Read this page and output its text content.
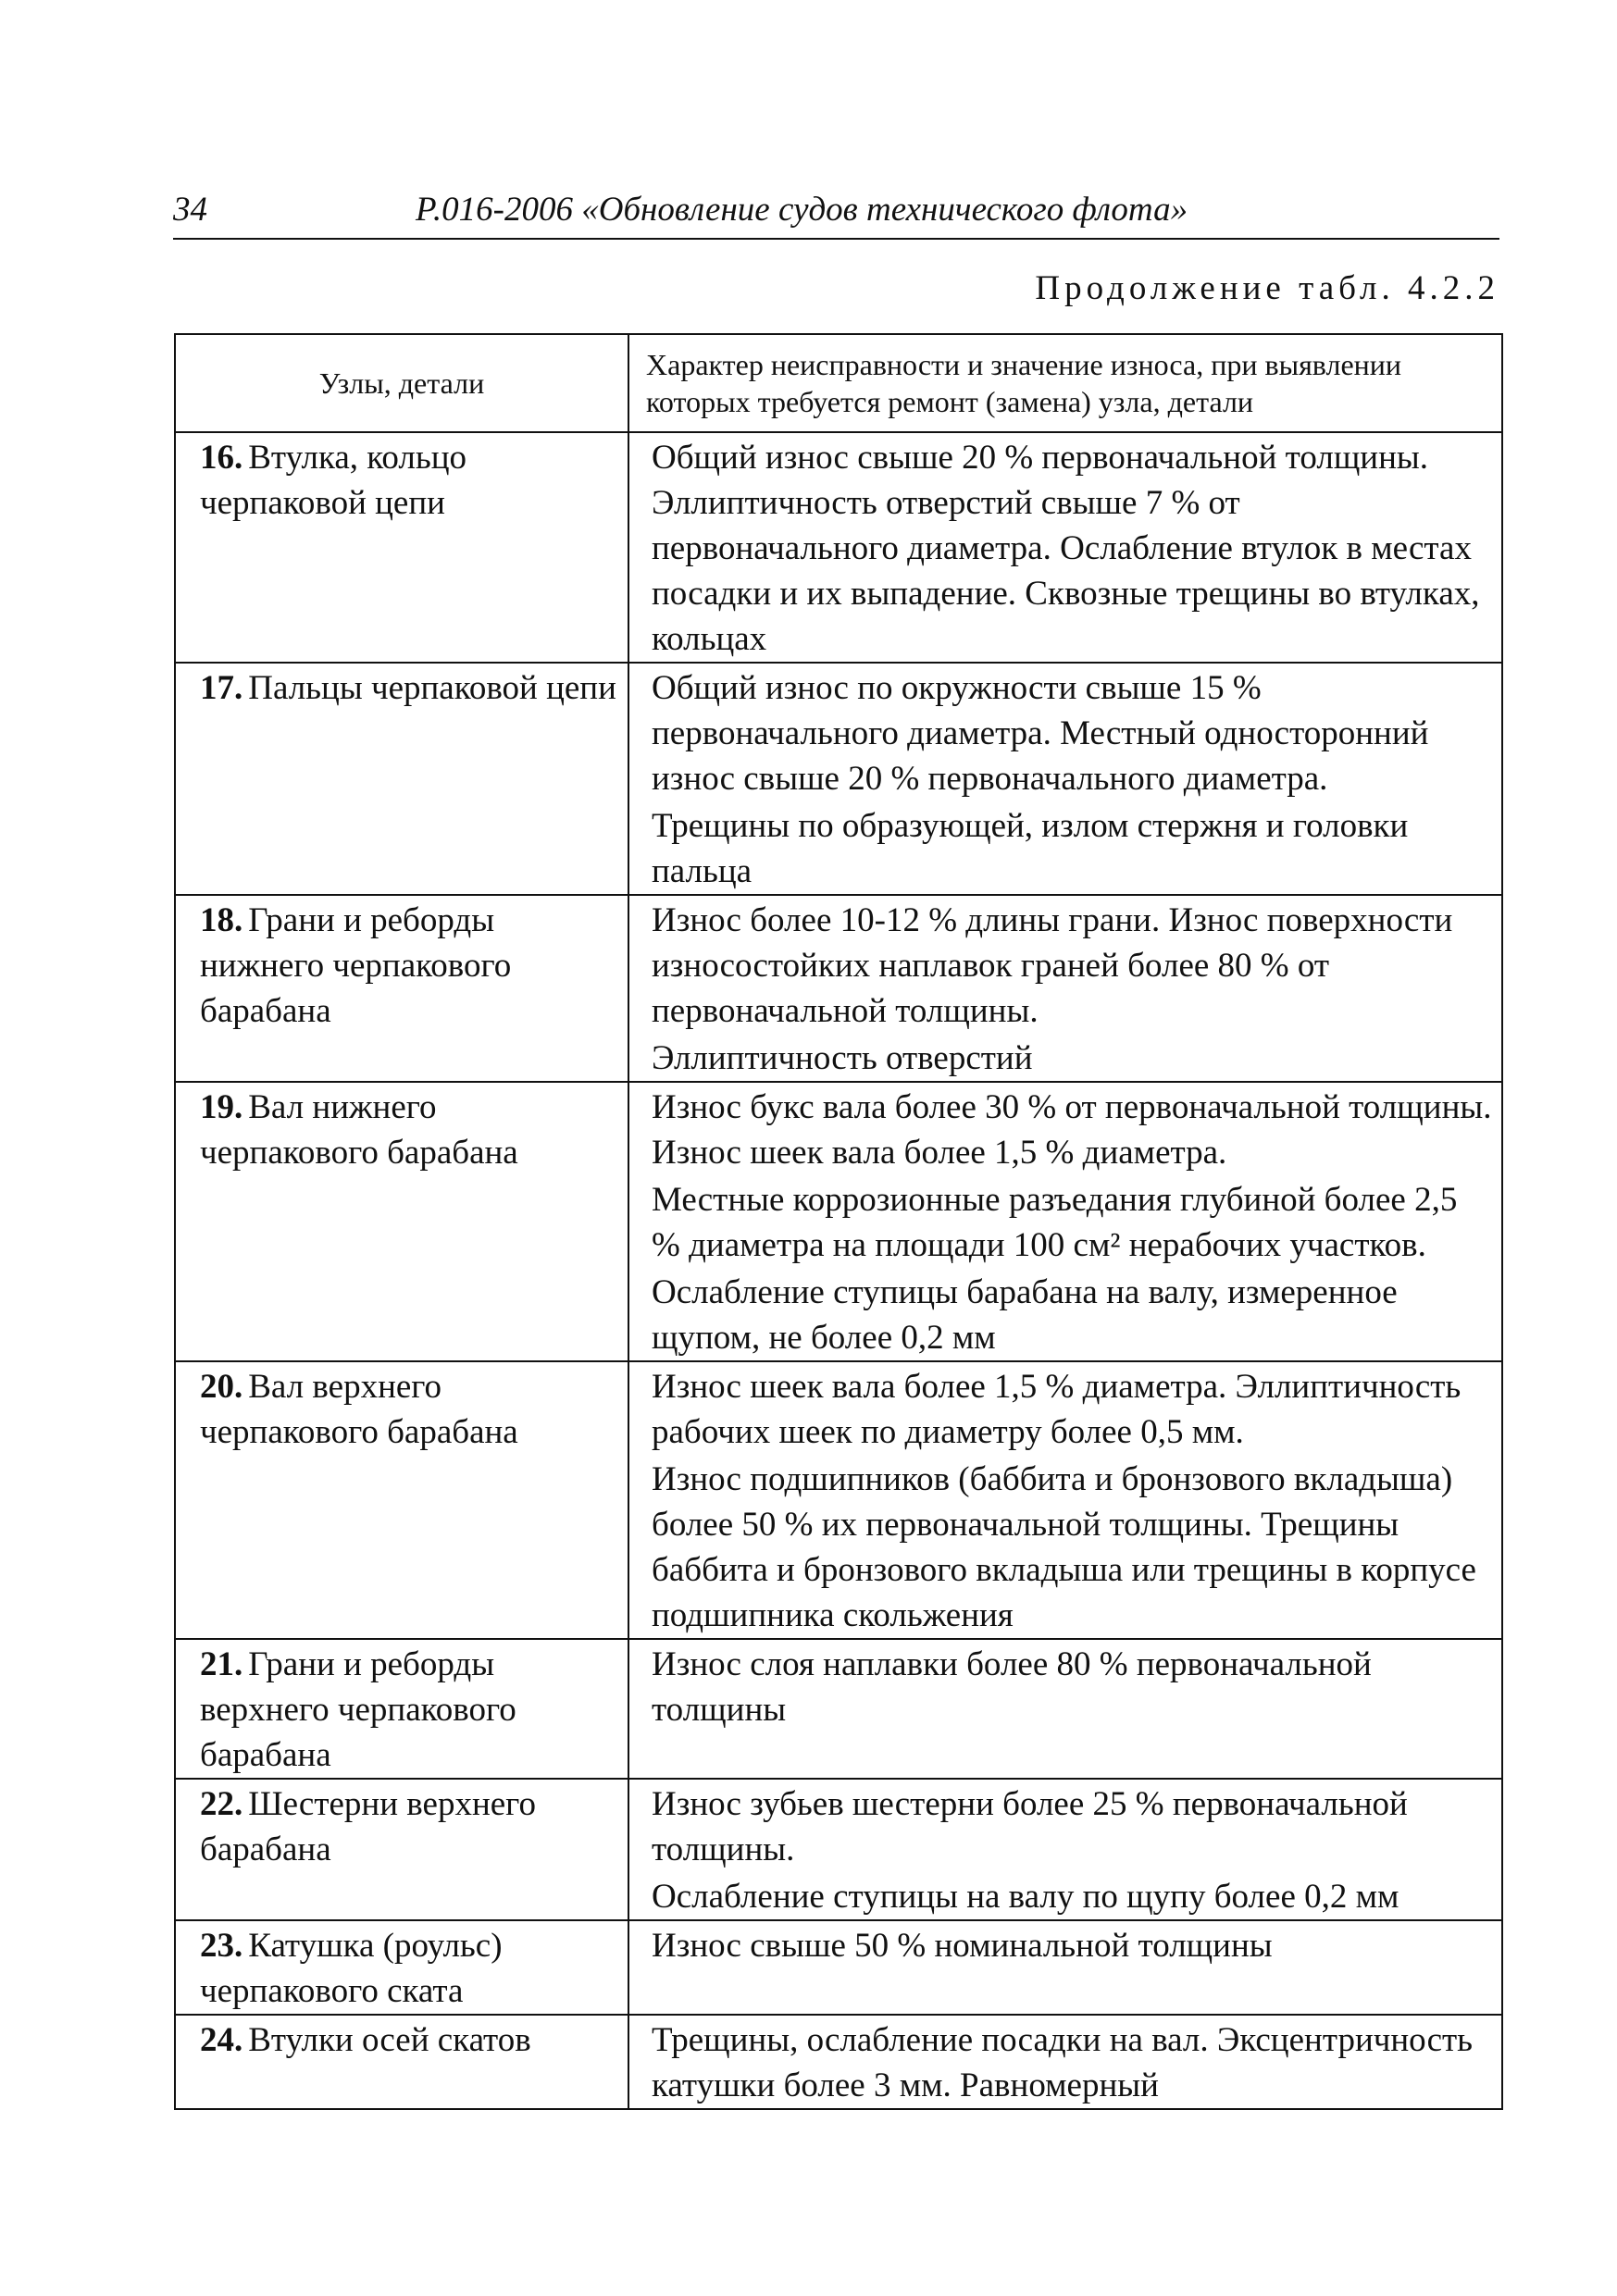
34	Р.016-2006 «Обновление судов технического флота»
Продолжение табл. 4.2.2
Узлы, детали	Характер неисправности и значение износа, при выявлении которых требуется ремонт (замена) узла, детали
16. Втулка, кольцо черпаковой цепи	Общий износ свыше 20 % первоначальной толщины. Эллиптичность отверстий свыше 7 % от первоначального диаметра. Ослабление втулок в местах посадки и их выпадение. Сквозные трещины во втулках, кольцах

17. Пальцы черпаковой цепи	Общий износ по окружности свыше 15 % первоначального диаметра. Местный односторонний износ свыше 20 % первоначального диаметра.

Трещины по образующей, излом стержня и головки пальца

18. Грани и реборды нижнего черпакового барабана	Износ более 10-12 % длины грани. Износ поверхности износостойких наплавок граней более 80 % от первоначальной толщины.

Эллиптичность отверстий

19. Вал нижнего черпакового барабана	Износ букс вала более 30 % от первоначальной толщины. Износ шеек вала более 1,5 % диаметра.

Местные коррозионные разъедания глубиной более 2,5 % диаметра на площади 100 см² нерабочих участков.

Ослабление ступицы барабана на валу, измеренное щупом, не более 0,2 мм

20. Вал верхнего черпакового барабана	Износ шеек вала более 1,5 % диаметра. Эллиптичность рабочих шеек по диаметру более 0,5 мм.

Износ подшипников (баббита и бронзового вкладыша) более 50 % их первоначальной толщины. Трещины баббита и бронзового вкладыша или трещины в корпусе подшипника скольжения

21. Грани и реборды верхнего черпакового барабана	Износ слоя наплавки более 80 % первоначальной толщины

22. Шестерни верхнего барабана	Износ зубьев шестерни более 25 % первоначальной толщины.

Ослабление ступицы на валу по щупу более 0,2 мм

23. Катушка (роульс) черпакового ската	Износ свыше 50 % номинальной толщины

24. Втулки осей скатов	Трещины, ослабление посадки на вал. Эксцентричность катушки более 3 мм. Равномерный
